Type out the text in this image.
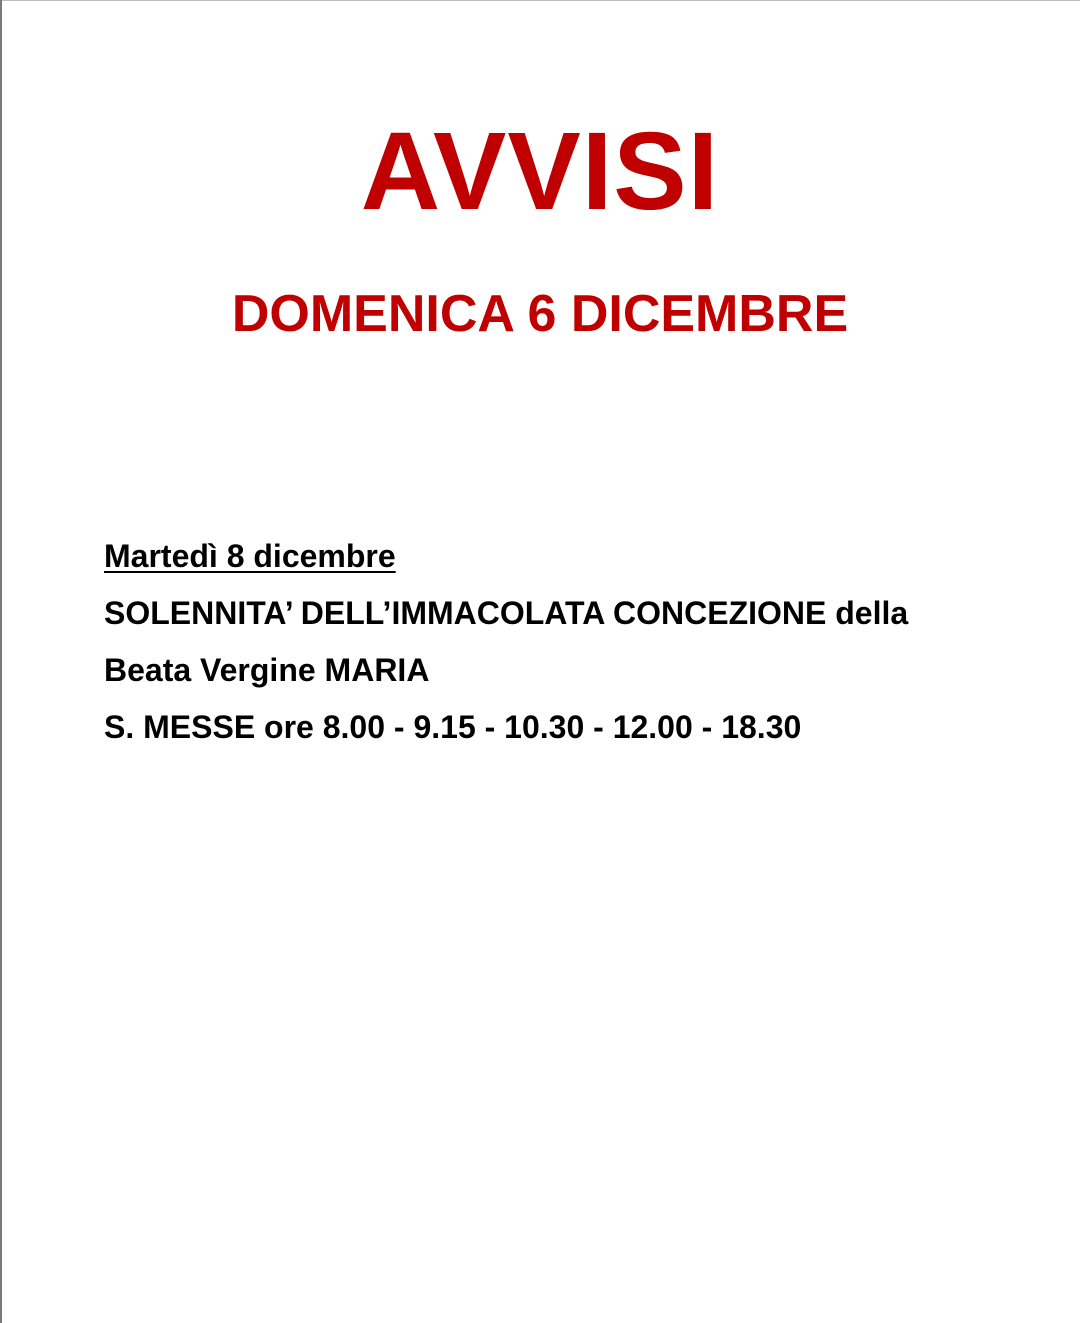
AVVISI
DOMENICA 6 DICEMBRE
Martedì 8 dicembre
SOLENNITA’ DELL’IMMACOLATA CONCEZIONE della
Beata Vergine MARIA
S. MESSE ore 8.00 - 9.15 - 10.30 - 12.00 - 18.30
